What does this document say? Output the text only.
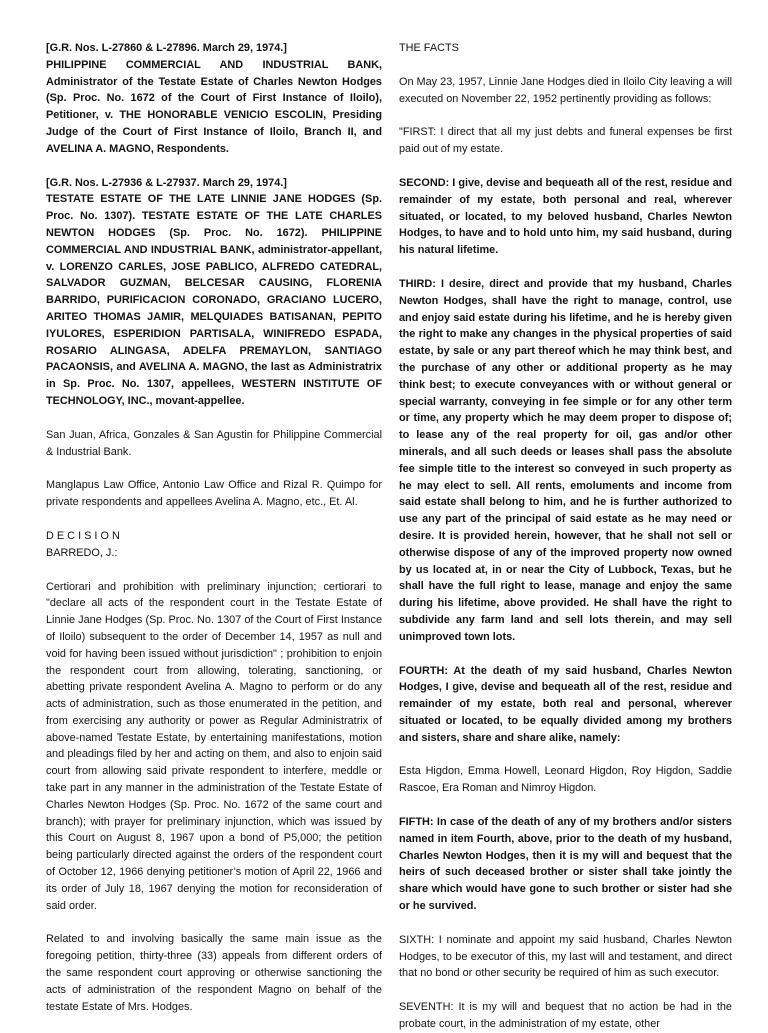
[G.R. Nos. L-27860 & L-27896. March 29, 1974.]
PHILIPPINE COMMERCIAL AND INDUSTRIAL BANK, Administrator of the Testate Estate of Charles Newton Hodges (Sp. Proc. No. 1672 of the Court of First Instance of Iloilo), Petitioner, v. THE HONORABLE VENICIO ESCOLIN, Presiding Judge of the Court of First Instance of Iloilo, Branch II, and AVELINA A. MAGNO, Respondents.

[G.R. Nos. L-27936 & L-27937. March 29, 1974.]
TESTATE ESTATE OF THE LATE LINNIE JANE HODGES (Sp. Proc. No. 1307). TESTATE ESTATE OF THE LATE CHARLES NEWTON HODGES (Sp. Proc. No. 1672). PHILIPPINE COMMERCIAL AND INDUSTRIAL BANK, administrator-appellant, v. LORENZO CARLES, JOSE PABLICO, ALFREDO CATEDRAL, SALVADOR GUZMAN, BELCESAR CAUSING, FLORENIA BARRIDO, PURIFICACION CORONADO, GRACIANO LUCERO, ARITEO THOMAS JAMIR, MELQUIADES BATISANAN, PEPITO IYULORES, ESPERIDION PARTISALA, WINIFREDO ESPADA, ROSARIO ALINGASA, ADELFA PREMAYLON, SANTIAGO PACAONSIS, and AVELINA A. MAGNO, the last as Administratrix in Sp. Proc. No. 1307, appellees, WESTERN INSTITUTE OF TECHNOLOGY, INC., movant-appellee.

San Juan, Africa, Gonzales & San Agustin for Philippine Commercial & Industrial Bank.

Manglapus Law Office, Antonio Law Office and Rizal R. Quimpo for private respondents and appellees Avelina A. Magno, etc., Et. Al.

D E C I S I O N
BARREDO, J.:

Certiorari and prohibition with preliminary injunction; certiorari to "declare all acts of the respondent court in the Testate Estate of Linnie Jane Hodges (Sp. Proc. No. 1307 of the Court of First Instance of Iloilo) subsequent to the order of December 14, 1957 as null and void for having been issued without jurisdiction" ; prohibition to enjoin the respondent court from allowing, tolerating, sanctioning, or abetting private respondent Avelina A. Magno to perform or do any acts of administration, such as those enumerated in the petition, and from exercising any authority or power as Regular Administratrix of above-named Testate Estate, by entertaining manifestations, motion and pleadings filed by her and acting on them, and also to enjoin said court from allowing said private respondent to interfere, meddle or take part in any manner in the administration of the Testate Estate of Charles Newton Hodges (Sp. Proc. No. 1672 of the same court and branch); with prayer for preliminary injunction, which was issued by this Court on August 8, 1967 upon a bond of P5,000; the petition being particularly directed against the orders of the respondent court of October 12, 1966 denying petitioner’s motion of April 22, 1966 and its order of July 18, 1967 denying the motion for reconsideration of said order.

Related to and involving basically the same main issue as the foregoing petition, thirty-three (33) appeals from different orders of the same respondent court approving or otherwise sanctioning the acts of administration of the respondent Magno on behalf of the testate Estate of Mrs. Hodges.

THE FACTS

On May 23, 1957, Linnie Jane Hodges died in Iloilo City leaving a will executed on November 22, 1952 pertinently providing as follows:

"FIRST: I direct that all my just debts and funeral expenses be first paid out of my estate.

SECOND: I give, devise and bequeath all of the rest, residue and remainder of my estate, both personal and real, wherever situated, or located, to my beloved husband, Charles Newton Hodges, to have and to hold unto him, my said husband, during his natural lifetime.

THIRD: I desire, direct and provide that my husband, Charles Newton Hodges, shall have the right to manage, control, use and enjoy said estate during his lifetime, and he is hereby given the right to make any changes in the physical properties of said estate, by sale or any part thereof which he may think best, and the purchase of any other or additional property as he may think best; to execute conveyances with or without general or special warranty, conveying in fee simple or for any other term or time, any property which he may deem proper to dispose of; to lease any of the real property for oil, gas and/or other minerals, and all such deeds or leases shall pass the absolute fee simple title to the interest so conveyed in such property as he may elect to sell. All rents, emoluments and income from said estate shall belong to him, and he is further authorized to use any part of the principal of said estate as he may need or desire. It is provided herein, however, that he shall not sell or otherwise dispose of any of the improved property now owned by us located at, in or near the City of Lubbock, Texas, but he shall have the full right to lease, manage and enjoy the same during his lifetime, above provided. He shall have the right to subdivide any farm land and sell lots therein, and may sell unimproved town lots.

FOURTH: At the death of my said husband, Charles Newton Hodges, I give, devise and bequeath all of the rest, residue and remainder of my estate, both real and personal, wherever situated or located, to be equally divided among my brothers and sisters, share and share alike, namely:

Esta Higdon, Emma Howell, Leonard Higdon, Roy Higdon, Saddie Rascoe, Era Roman and Nimroy Higdon.

FIFTH: In case of the death of any of my brothers and/or sisters named in item Fourth, above, prior to the death of my husband, Charles Newton Hodges, then it is my will and bequest that the heirs of such deceased brother or sister shall take jointly the share which would have gone to such brother or sister had she or he survived.

SIXTH: I nominate and appoint my said husband, Charles Newton Hodges, to be executor of this, my last will and testament, and direct that no bond or other security be required of him as such executor.

SEVENTH: It is my will and bequest that no action be had in the probate court, in the administration of my estate, other
